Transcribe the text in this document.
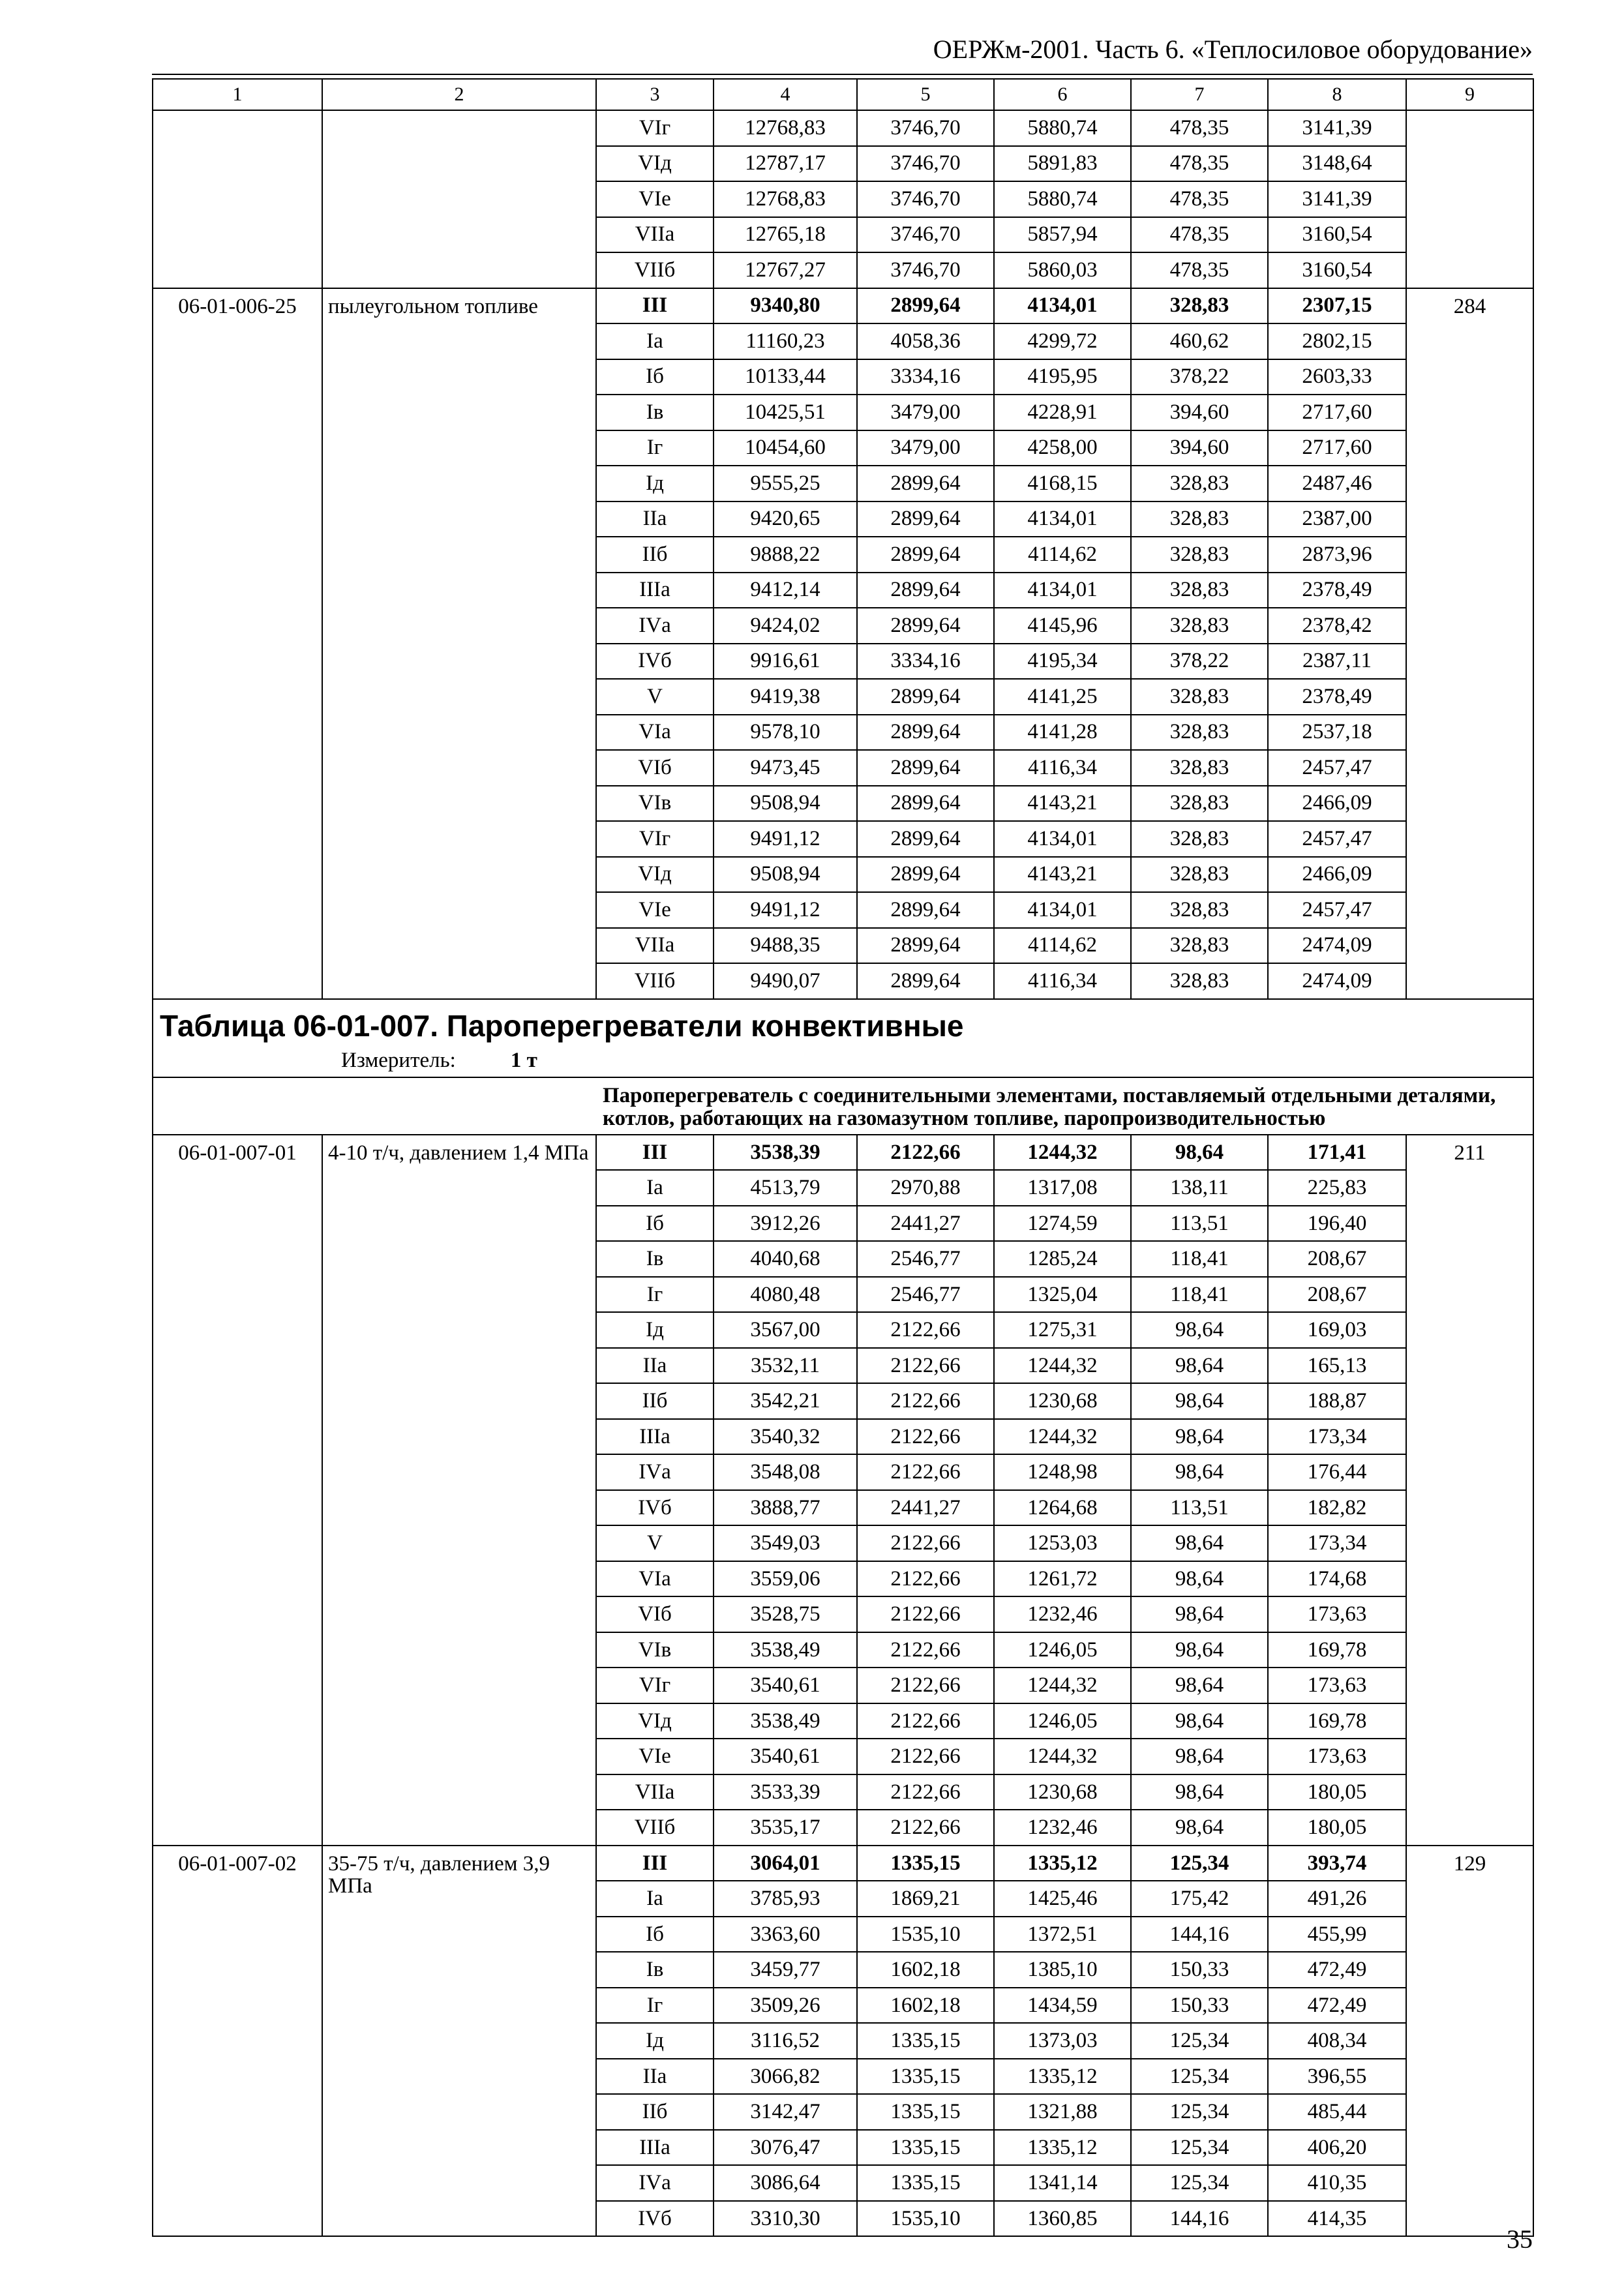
ОЕРЖм-2001. Часть 6. «Теплосиловое оборудование»
1	2	3	4	5	6	7	8	9
		VIг	12768,83	3746,70	5880,74	478,35	3141,39	
		VIд	12787,17	3746,70	5891,83	478,35	3148,64	
		VIе	12768,83	3746,70	5880,74	478,35	3141,39	
		VIIа	12765,18	3746,70	5857,94	478,35	3160,54	
		VIIб	12767,27	3746,70	5860,03	478,35	3160,54	
06-01-006-25	пылеугольном топливе	III	9340,80	2899,64	4134,01	328,83	2307,15	284
		Iа	11160,23	4058,36	4299,72	460,62	2802,15	
		Iб	10133,44	3334,16	4195,95	378,22	2603,33	
		Iв	10425,51	3479,00	4228,91	394,60	2717,60	
		Iг	10454,60	3479,00	4258,00	394,60	2717,60	
		Iд	9555,25	2899,64	4168,15	328,83	2487,46	
		IIа	9420,65	2899,64	4134,01	328,83	2387,00	
		IIб	9888,22	2899,64	4114,62	328,83	2873,96	
		IIIа	9412,14	2899,64	4134,01	328,83	2378,49	
		IVа	9424,02	2899,64	4145,96	328,83	2378,42	
		IVб	9916,61	3334,16	4195,34	378,22	2387,11	
		V	9419,38	2899,64	4141,25	328,83	2378,49	
		VIа	9578,10	2899,64	4141,28	328,83	2537,18	
		VIб	9473,45	2899,64	4116,34	328,83	2457,47	
		VIв	9508,94	2899,64	4143,21	328,83	2466,09	
		VIг	9491,12	2899,64	4134,01	328,83	2457,47	
		VIд	9508,94	2899,64	4143,21	328,83	2466,09	
		VIе	9491,12	2899,64	4134,01	328,83	2457,47	
		VIIа	9488,35	2899,64	4114,62	328,83	2474,09	
		VIIб	9490,07	2899,64	4116,34	328,83	2474,09	
Таблица 06-01-007. Пароперегреватели конвективные
Измеритель: 1 т								

		Пароперегреватель с соединительными элементами, поставляемый отдельными деталями, котлов, работающих на газомазутном топливе, паропроизводительностью						
06-01-007-01	4-10 т/ч, давлением 1,4 МПа	III	3538,39	2122,66	1244,32	98,64	171,41	211
		Iа	4513,79	2970,88	1317,08	138,11	225,83	
		Iб	3912,26	2441,27	1274,59	113,51	196,40	
		Iв	4040,68	2546,77	1285,24	118,41	208,67	
		Iг	4080,48	2546,77	1325,04	118,41	208,67	
		Iд	3567,00	2122,66	1275,31	98,64	169,03	
		IIа	3532,11	2122,66	1244,32	98,64	165,13	
		IIб	3542,21	2122,66	1230,68	98,64	188,87	
		IIIа	3540,32	2122,66	1244,32	98,64	173,34	
		IVа	3548,08	2122,66	1248,98	98,64	176,44	
		IVб	3888,77	2441,27	1264,68	113,51	182,82	
		V	3549,03	2122,66	1253,03	98,64	173,34	
		VIа	3559,06	2122,66	1261,72	98,64	174,68	
		VIб	3528,75	2122,66	1232,46	98,64	173,63	
		VIв	3538,49	2122,66	1246,05	98,64	169,78	
		VIг	3540,61	2122,66	1244,32	98,64	173,63	
		VIд	3538,49	2122,66	1246,05	98,64	169,78	
		VIе	3540,61	2122,66	1244,32	98,64	173,63	
		VIIа	3533,39	2122,66	1230,68	98,64	180,05	
		VIIб	3535,17	2122,66	1232,46	98,64	180,05	
06-01-007-02	35-75 т/ч, давлением 3,9 МПа	III	3064,01	1335,15	1335,12	125,34	393,74	129
		Iа	3785,93	1869,21	1425,46	175,42	491,26	
		Iб	3363,60	1535,10	1372,51	144,16	455,99	
		Iв	3459,77	1602,18	1385,10	150,33	472,49	
		Iг	3509,26	1602,18	1434,59	150,33	472,49	
		Iд	3116,52	1335,15	1373,03	125,34	408,34	
		IIа	3066,82	1335,15	1335,12	125,34	396,55	
		IIб	3142,47	1335,15	1321,88	125,34	485,44	
		IIIа	3076,47	1335,15	1335,12	125,34	406,20	
		IVа	3086,64	1335,15	1341,14	125,34	410,35	
		IVб	3310,30	1535,10	1360,85	144,16	414,35	
35
